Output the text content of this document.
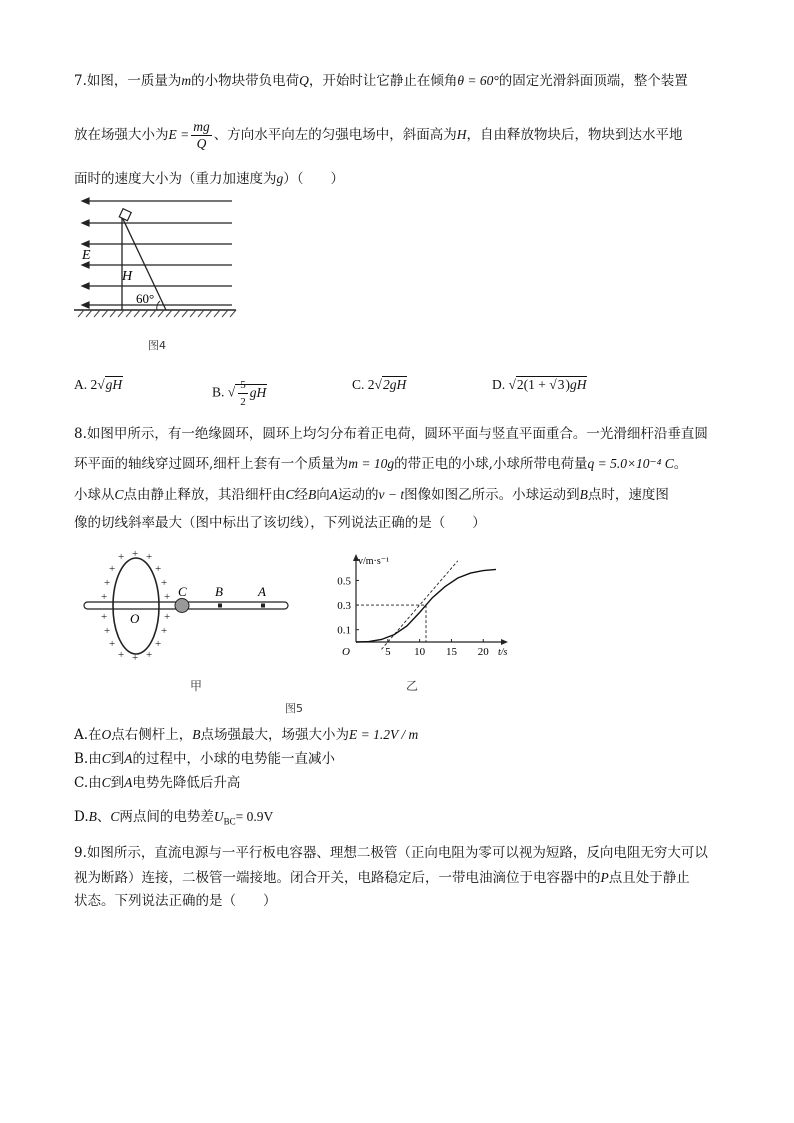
7.如图，一质量为m的小物块带负电荷Q，开始时让它静止在倾角θ = 60°的固定光滑斜面顶端，整个装置
放在场强大小为$E = \frac{mg}{Q}$ 、方向水平向左的匀强电场中，斜面高为H，自由释放物块后，物块到达水平地
面时的速度大小为（重力加速度为g）（　　）
E
H
60°
图4
A. 2√gH
B. √ $\frac{5}{2}$ gH
C. 2√2gH	D. √2(1 + √3)gH
8.如图甲所示，有一绝缘圆环，圆环上均匀分布着正电荷，圆环平面与竖直平面重合。一光滑细杆沿垂直圆
环平面的轴线穿过圆环,细杆上套有一个质量为m = 10g的带正电的小球,小球所带电荷量q = 5.0×10⁻⁴ C。
小球从C点由静止释放，其沿细杆由C经B向A运动的v − t图像如图乙所示。小球运动到B点时，速度图
像的切线斜率最大（图中标出了该切线），下列说法正确的是（　　）
+ +
+
+
+
+
+
+
+
+
+
+
+
+
+
+
+ +
O
C B	A
甲
5 10 15 20
0.1
0.3
0.5
O
v/m·s⁻¹
t/s
乙
图5
A.在O点右侧杆上，B点场强最大，场强大小为E = 1.2V / m
B.由C到A的过程中，小球的电势能一直减小
C.由C到A电势先降低后升高
D.B、C两点间的电势差$U_{BC}= 0.9V$
9.如图所示，直流电源与一平行板电容器、理想二极管（正向电阻为零可以视为短路，反向电阻无穷大可以
视为断路）连接，二极管一端接地。闭合开关，电路稳定后，一带电油滴位于电容器中的P点且处于静止
状态。下列说法正确的是（　　）
